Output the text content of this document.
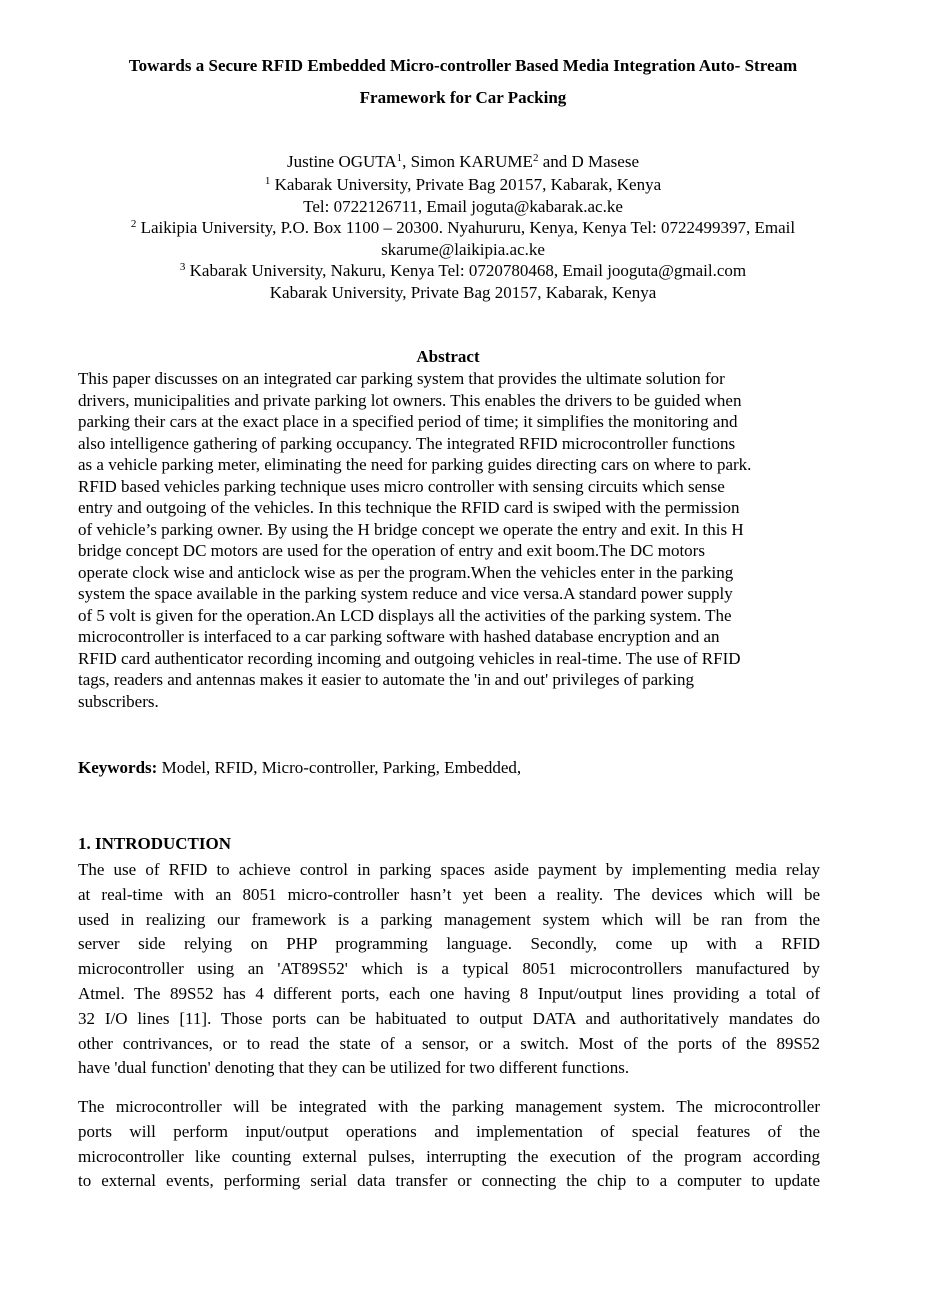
Towards a Secure RFID Embedded Micro-controller Based Media Integration Auto- Stream
Framework for Car Packing
Justine OGUTA$^1$, Simon KARUME$^2$ and D Masese
$^1$ Kabarak University, Private Bag 20157, Kabarak, Kenya
Tel: 0722126711, Email joguta@kabarak.ac.ke
$^2$ Laikipia University, P.O. Box 1100 – 20300. Nyahururu, Kenya, Kenya Tel: 0722499397, Email
skarume@laikipia.ac.ke
$^3$ Kabarak University, Nakuru, Kenya Tel: 0720780468, Email jooguta@gmail.com
Kabarak University, Private Bag 20157, Kabarak, Kenya
Abstract
This paper discusses on an integrated car parking system that provides the ultimate solution for
drivers, municipalities and private parking lot owners. This enables the drivers to be guided when
parking their cars at the exact place in a specified period of time; it simplifies the monitoring and
also intelligence gathering of parking occupancy. The integrated RFID microcontroller functions
as a vehicle parking meter, eliminating the need for parking guides directing cars on where to park.
RFID based vehicles parking technique uses micro controller with sensing circuits which sense
entry and outgoing of the vehicles. In this technique the RFID card is swiped with the permission
of vehicle’s parking owner. By using the H bridge concept we operate the entry and exit. In this H
bridge concept DC motors are used for the operation of entry and exit boom.The DC motors
operate clock wise and anticlock wise as per the program.When the vehicles enter in the parking
system the space available in the parking system reduce and vice versa.A standard power supply
of 5 volt is given for the operation.An LCD displays all the activities of the parking system. The
microcontroller is interfaced to a car parking software with hashed database encryption and an
RFID card authenticator recording incoming and outgoing vehicles in real-time. The use of RFID
tags, readers and antennas makes it easier to automate the 'in and out' privileges of parking
subscribers.
Keywords: Model, RFID, Micro-controller, Parking, Embedded,
1. INTRODUCTION
The use of RFID to achieve control in parking spaces aside payment by implementing media relay
at real-time with an 8051 micro-controller hasn’t yet been a reality. The devices which will be
used in realizing our framework is a parking management system which will be ran from the
server side relying on PHP programming language. Secondly, come up with a RFID
microcontroller using an 'AT89S52' which is a typical 8051 microcontrollers manufactured by
Atmel. The 89S52 has 4 different ports, each one having 8 Input/output lines providing a total of
32 I/O lines [11]. Those ports can be habituated to output DATA and authoritatively mandates do
other contrivances, or to read the state of a sensor, or a switch. Most of the ports of the 89S52
have 'dual function' denoting that they can be utilized for two different functions.
The microcontroller will be integrated with the parking management system. The microcontroller
ports will perform input/output operations and implementation of special features of the
microcontroller like counting external pulses, interrupting the execution of the program according
to external events, performing serial data transfer or connecting the chip to a computer to update
